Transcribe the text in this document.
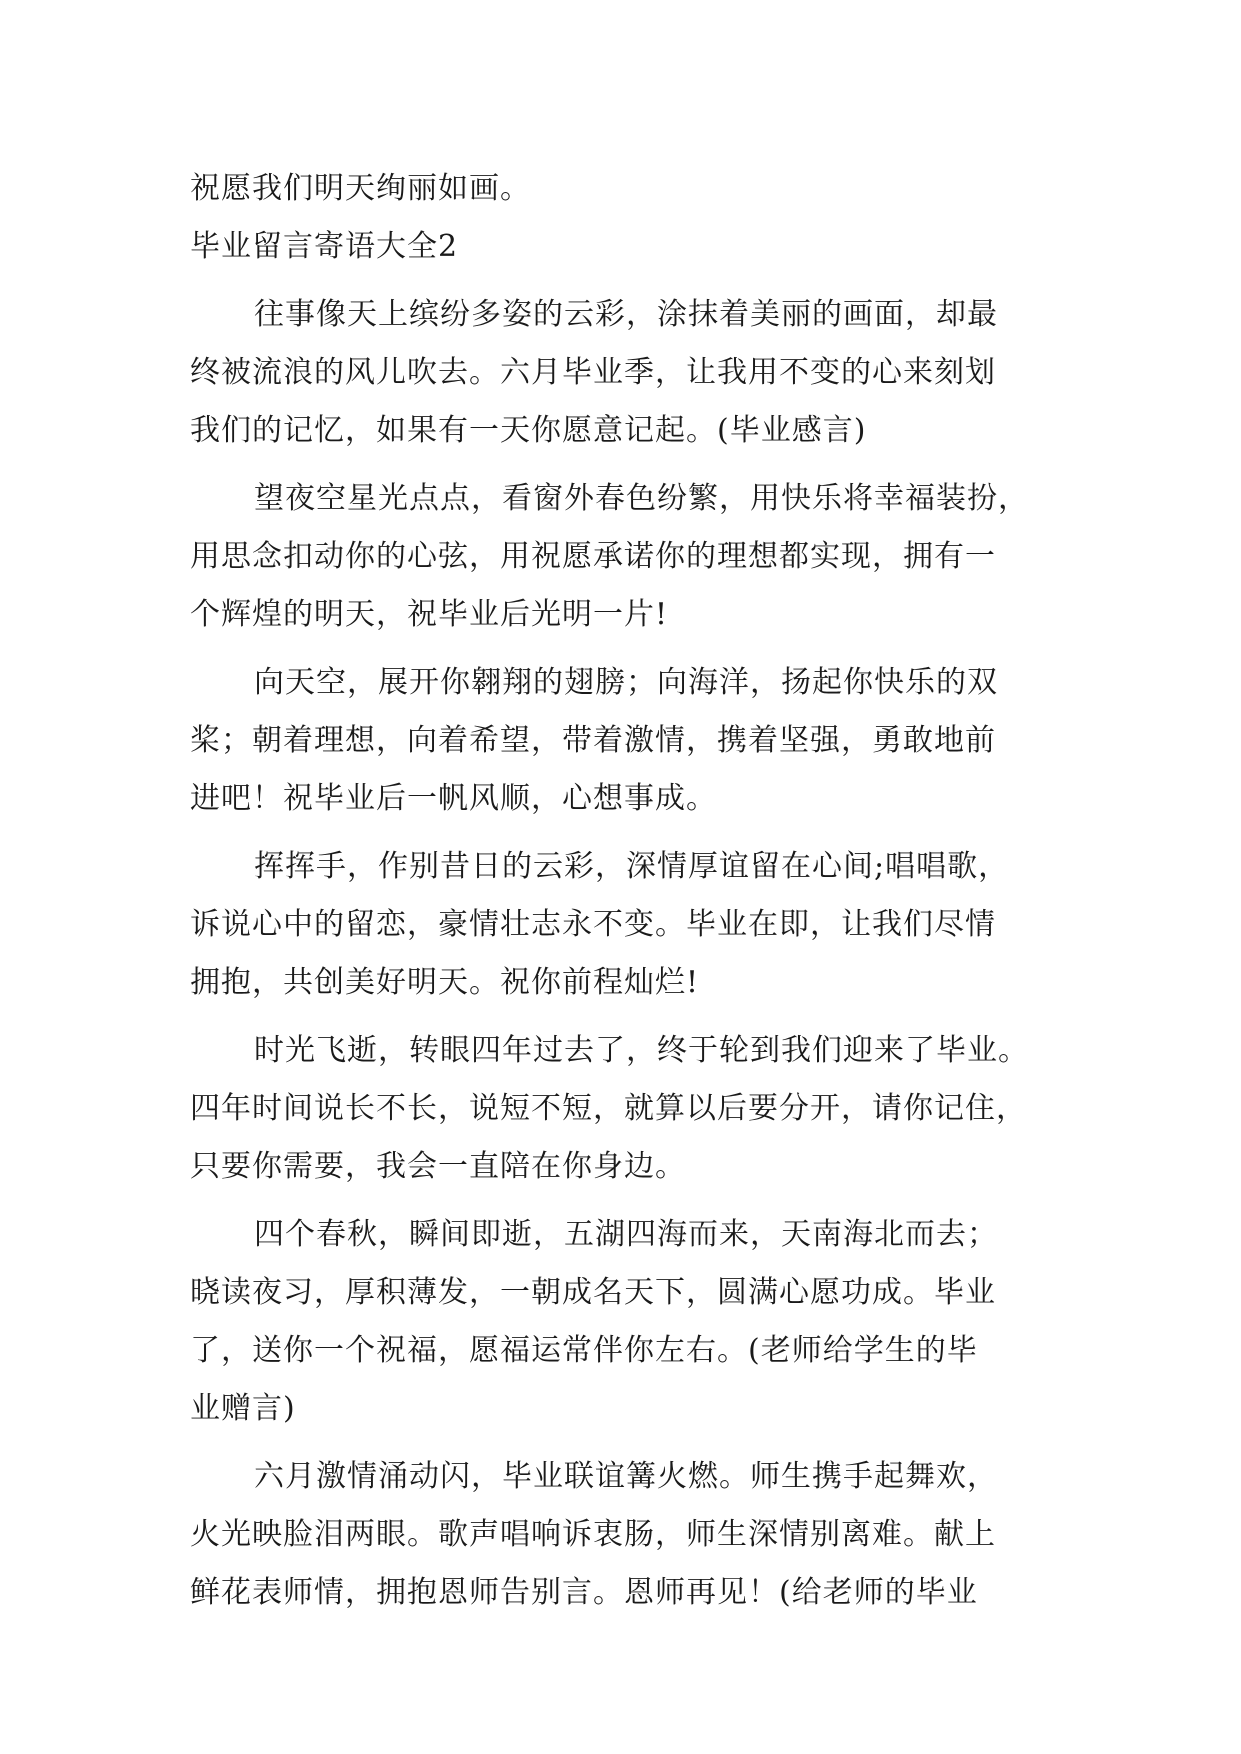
祝愿我们明天绚丽如画。
毕业留言寄语大全2
往事像天上缤纷多姿的云彩，涂抹着美丽的画面，却最
终被流浪的风儿吹去。六月毕业季，让我用不变的心来刻划
我们的记忆，如果有一天你愿意记起。(毕业感言)
望夜空星光点点，看窗外春色纷繁，用快乐将幸福装扮，
用思念扣动你的心弦，用祝愿承诺你的理想都实现，拥有一
个辉煌的明天，祝毕业后光明一片!
向天空，展开你翱翔的翅膀；向海洋，扬起你快乐的双
桨；朝着理想，向着希望，带着激情，携着坚强，勇敢地前
进吧！祝毕业后一帆风顺，心想事成。
挥挥手，作别昔日的云彩，深情厚谊留在心间;唱唱歌，
诉说心中的留恋，豪情壮志永不变。毕业在即，让我们尽情
拥抱，共创美好明天。祝你前程灿烂!
时光飞逝，转眼四年过去了，终于轮到我们迎来了毕业。
四年时间说长不长，说短不短，就算以后要分开，请你记住，
只要你需要，我会一直陪在你身边。
四个春秋，瞬间即逝，五湖四海而来，天南海北而去；
晓读夜习，厚积薄发，一朝成名天下，圆满心愿功成。毕业
了，送你一个祝福，愿福运常伴你左右。(老师给学生的毕
业赠言)
六月激情涌动闪，毕业联谊篝火燃。师生携手起舞欢，
火光映脸泪两眼。歌声唱响诉衷肠，师生深情别离难。献上
鲜花表师情，拥抱恩师告别言。恩师再见！(给老师的毕业
